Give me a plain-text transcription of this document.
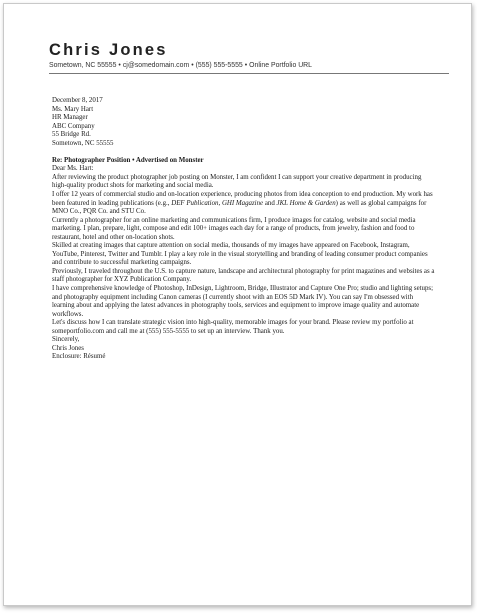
Chris Jones
Sometown, NC 55555 • cj@somedomain.com • (555) 555-5555 • Online Portfolio URL

December 8, 2017

Ms. Mary Hart

HR Manager

ABC Company

55 Bridge Rd.

Sometown, NC 55555

Re: Photographer Position • Advertised on Monster

Dear Ms. Hart:

After reviewing the product photographer job posting on Monster, I am confident I can support your creative department in producing high-quality product shots for marketing and social media.

I offer 12 years of commercial studio and on-location experience, producing photos from idea conception to end production. My work has been featured in leading publications (e.g., DEF Publication, GHI Magazine and JKL Home & Garden) as well as global campaigns for MNO Co., PQR Co. and STU Co.

Currently a photographer for an online marketing and communications firm, I produce images for catalog, website and social media marketing. I plan, prepare, light, compose and edit 100+ images each day for a range of products, from jewelry, fashion and food to restaurant, hotel and other on-location shots.

Skilled at creating images that capture attention on social media, thousands of my images have appeared on Facebook, Instagram, YouTube, Pinterest, Twitter and Tumblr. I play a key role in the visual storytelling and branding of leading consumer product companies and contribute to successful marketing campaigns.

Previously, I traveled throughout the U.S. to capture nature, landscape and architectural photography for print magazines and websites as a staff photographer for XYZ Publication Company.

I have comprehensive knowledge of Photoshop, InDesign, Lightroom, Bridge, Illustrator and Capture One Pro; studio and lighting setups; and photography equipment including Canon cameras (I currently shoot with an EOS 5D Mark IV). You can say I'm obsessed with learning about and applying the latest advances in photography tools, services and equipment to improve image quality and automate workflows.

Let's discuss how I can translate strategic vision into high-quality, memorable images for your brand. Please review my portfolio at someportfolio.com and call me at (555) 555-5555 to set up an interview. Thank you.

Sincerely,

Chris Jones

Enclosure: Résumé
